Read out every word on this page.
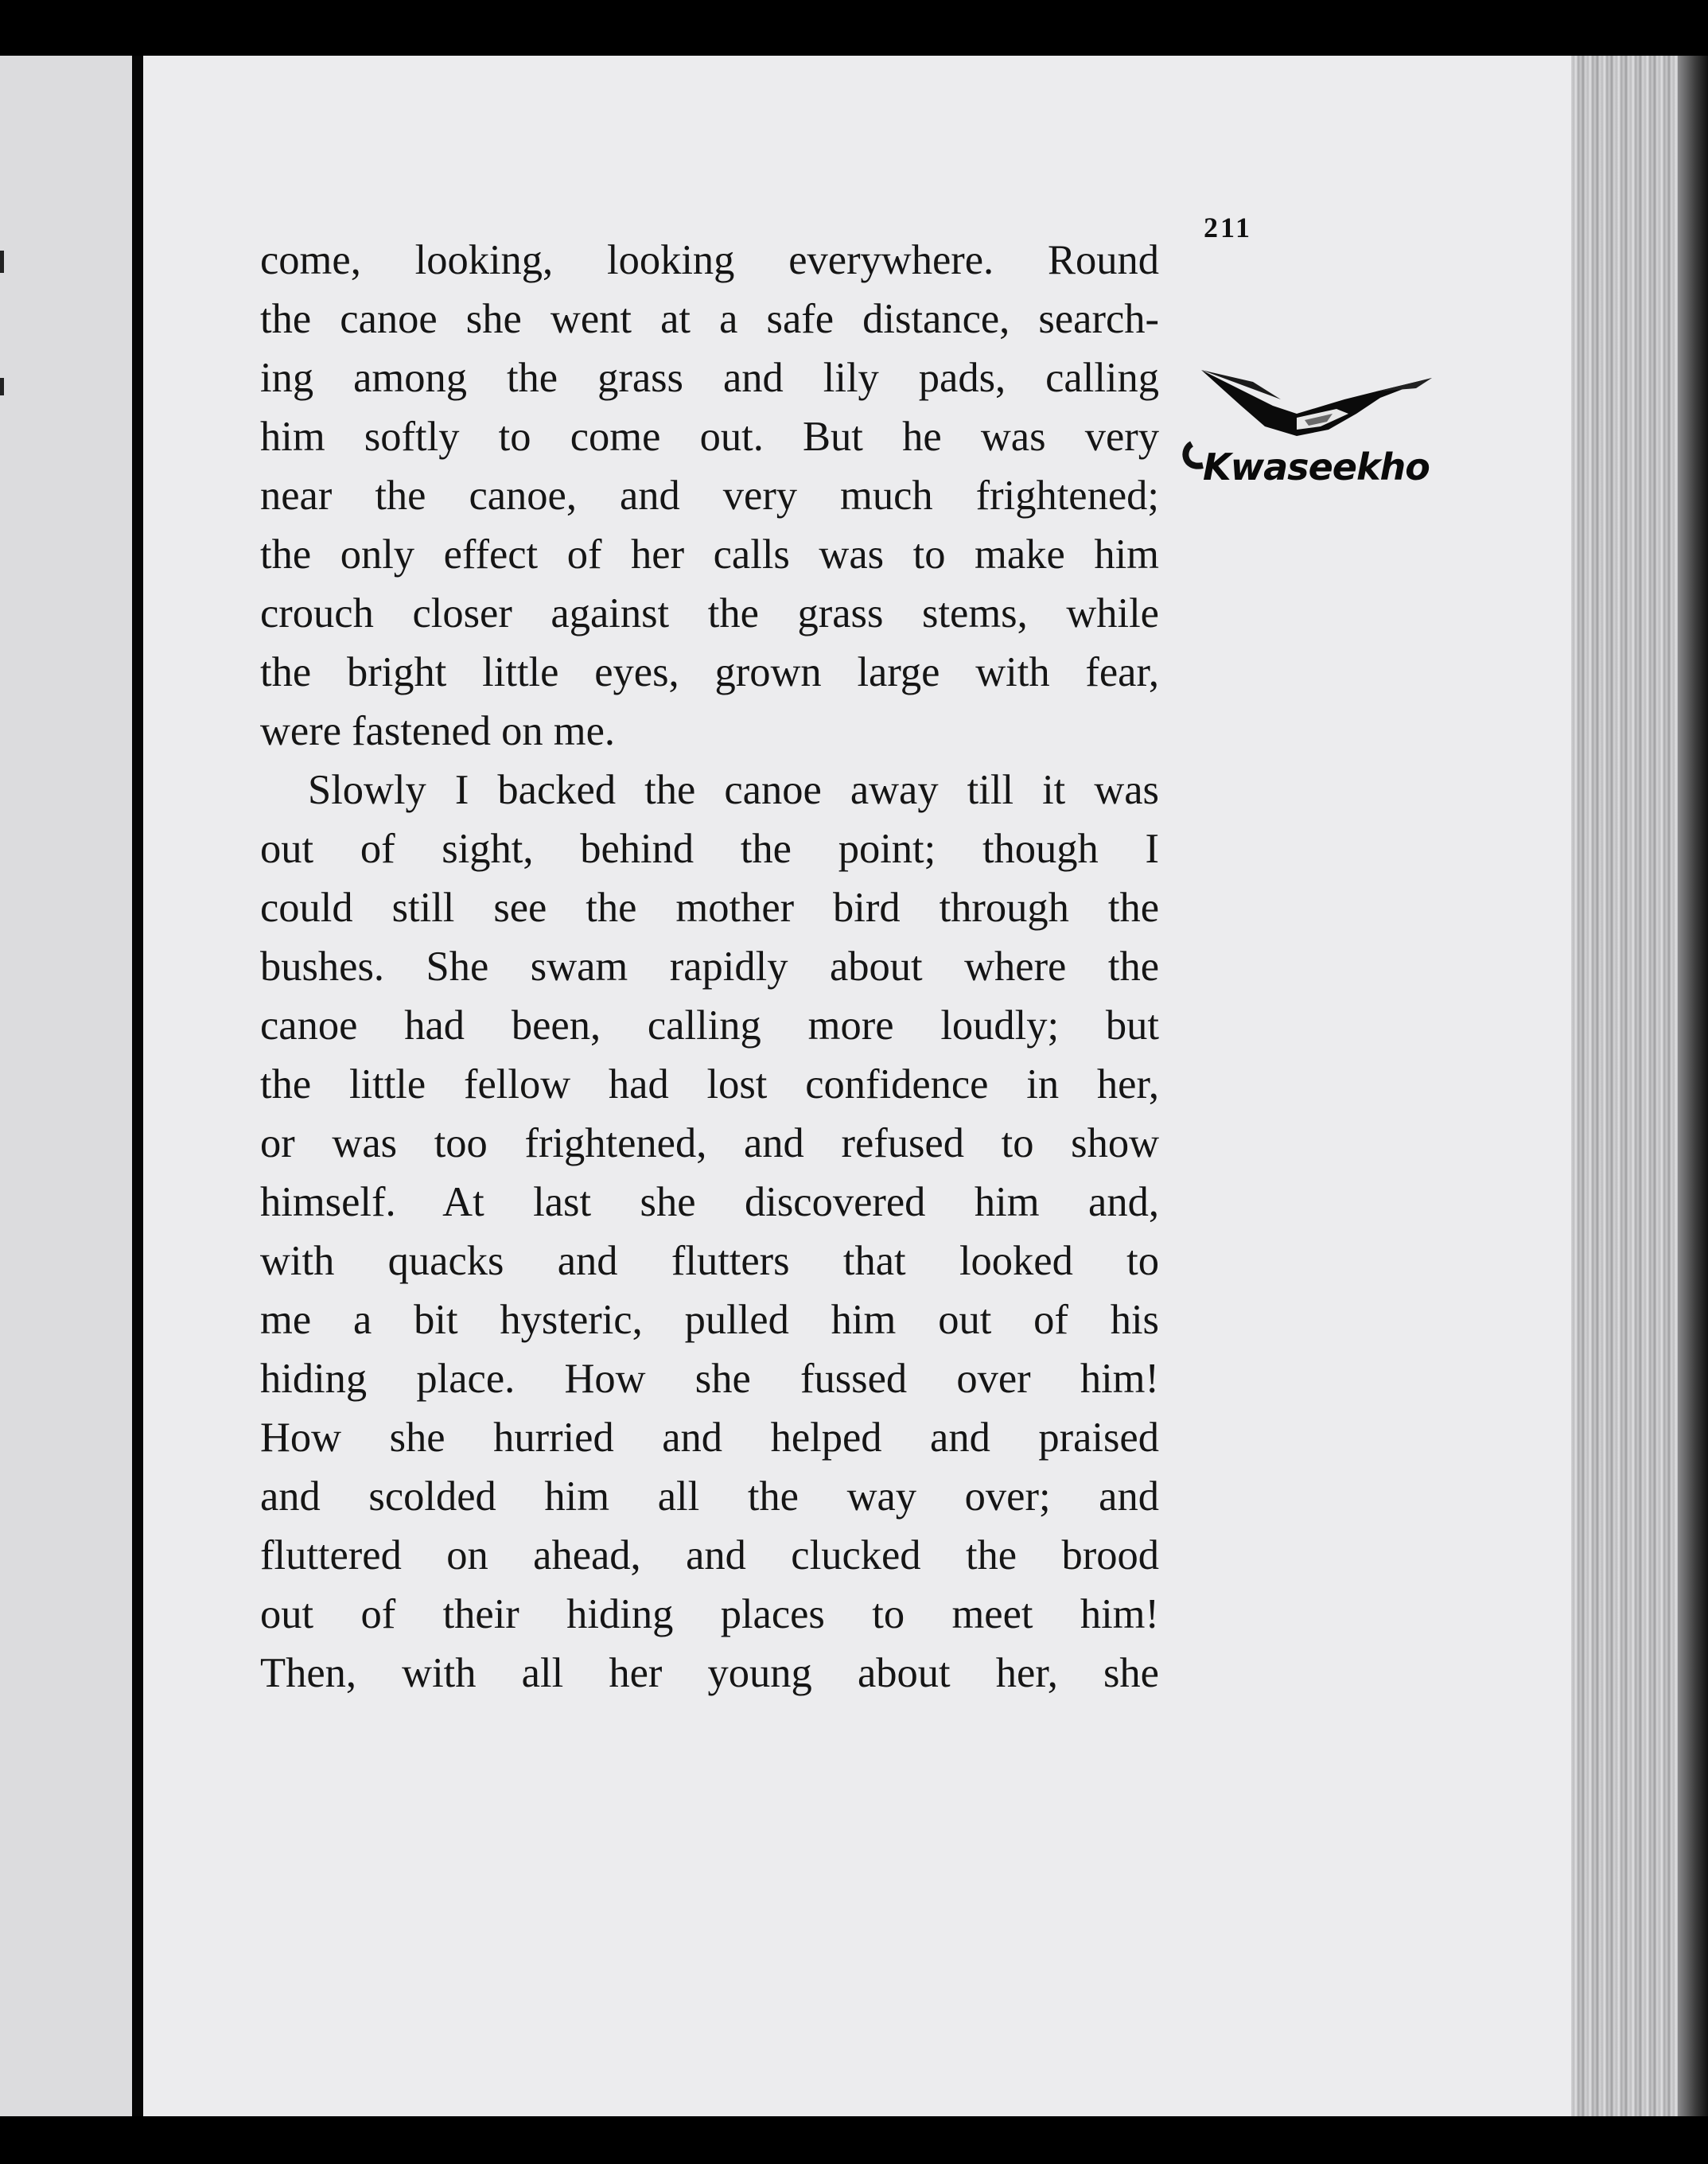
211
Kwaseekho
come, looking, looking everywhere. Round
the canoe she went at a safe distance, search-
ing among the grass and lily pads, calling
him softly to come out. But he was very
near the canoe, and very much frightened;
the only effect of her calls was to make him
crouch closer against the grass stems, while
the bright little eyes, grown large with fear,
were fastened on me.
Slowly I backed the canoe away till it was
out of sight, behind the point; though I
could still see the mother bird through the
bushes. She swam rapidly about where the
canoe had been, calling more loudly; but
the little fellow had lost confidence in her,
or was too frightened, and refused to show
himself. At last she discovered him and,
with quacks and flutters that looked to
me a bit hysteric, pulled him out of his
hiding place. How she fussed over him!
How she hurried and helped and praised
and scolded him all the way over; and
fluttered on ahead, and clucked the brood
out of their hiding places to meet him!
Then, with all her young about her, she
